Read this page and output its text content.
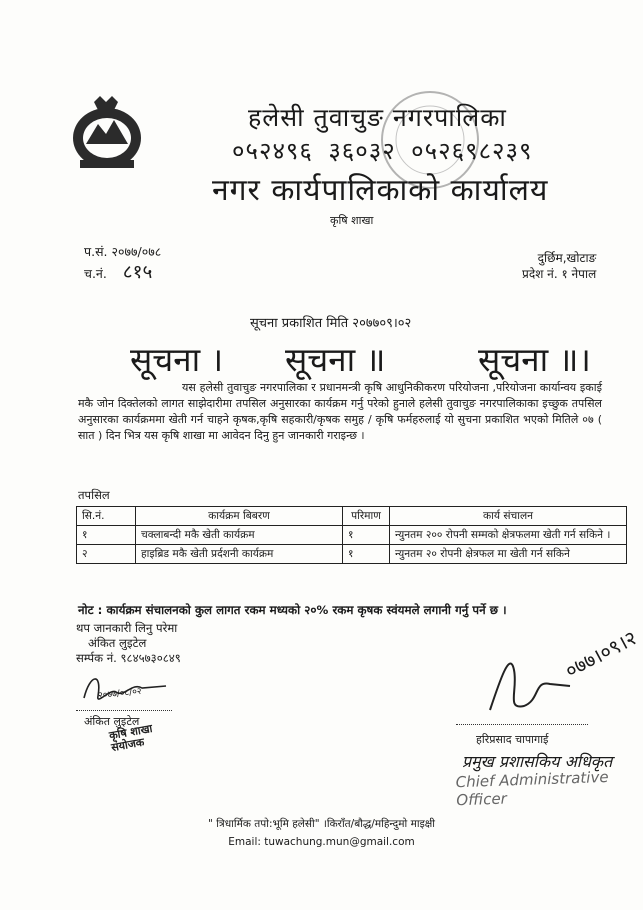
हलेसी तुवाचुङ नगरपालिका
०५२४९६ ३६०३२ ०५२६९८२३९
नगर कार्यपालिकाको कार्यालय
कृषि शाखा
प.सं. २०७७/०७८
च.नं. ८१५
दुर्छिम,खोटाङ
प्रदेश नं. १ नेपाल
सूचना प्रकाशित मिति २०७७०९।०२
सूचना । सूचना ॥	सूचना ॥।

यस हलेसी तुवाचुङ नगरपालिका र प्रधानमन्त्री कृषि आधुनिकीकरण परियोजना ,परियोजना कार्यान्वय इकाई मकै जोन दिक्तेलको लागत साझेदारीमा तपसिल अनुसारका कार्यक्रम गर्नु परेको हुनाले हलेसी तुवाचुङ नगरपालिकाका इच्छुक तपसिल अनुसारका कार्यक्रममा खेती गर्न चाहने कृषक,कृषि सहकारी/कृषक समुह / कृषि फर्महरुलाई यो सुचना प्रकाशित भएको मितिले ०७ ( सात ) दिन भित्र यस कृषि शाखा मा आवेदन दिनु हुन जानकारी गराइन्छ ।

तपसिल
सि.नं.	कार्यक्रम बिबरण	परिमाण	कार्य संचालन
१	चक्लाबन्दी मकै खेती कार्यक्रम	१	न्युनतम २०० रोपनी सम्मको क्षेत्रफलमा खेती गर्न सकिने ।
२	हाइब्रिड मकै खेती प्रर्दशनी कार्यक्रम	१	न्युनतम २० रोपनी क्षेत्रफल मा खेती गर्न सकिने
नोट : कार्यक्रम संचालनको कुल लागत रकम मध्यको २०% रकम कृषक स्वंयमले लगानी गर्नु पर्ने छ ।
थप जानकारी लिनु परेमा
अंकित लुइटेल
सर्म्पक नं. ९८४५७३०८४९
२०७७/०८/०२
अंकित लुइटेल
कृषि शाखा संयोजक
०७७।०९।२
हरिप्रसाद चापागाई
प्रमुख प्रशासकिय अधिकृत
Chief Administrative Officer
" त्रिधार्मिक तपो:भूमि हलेसी" ।किराँत/बौद्ध/महिन्दुमो माइक्षी
Email: tuwachung.mun@gmail.com
